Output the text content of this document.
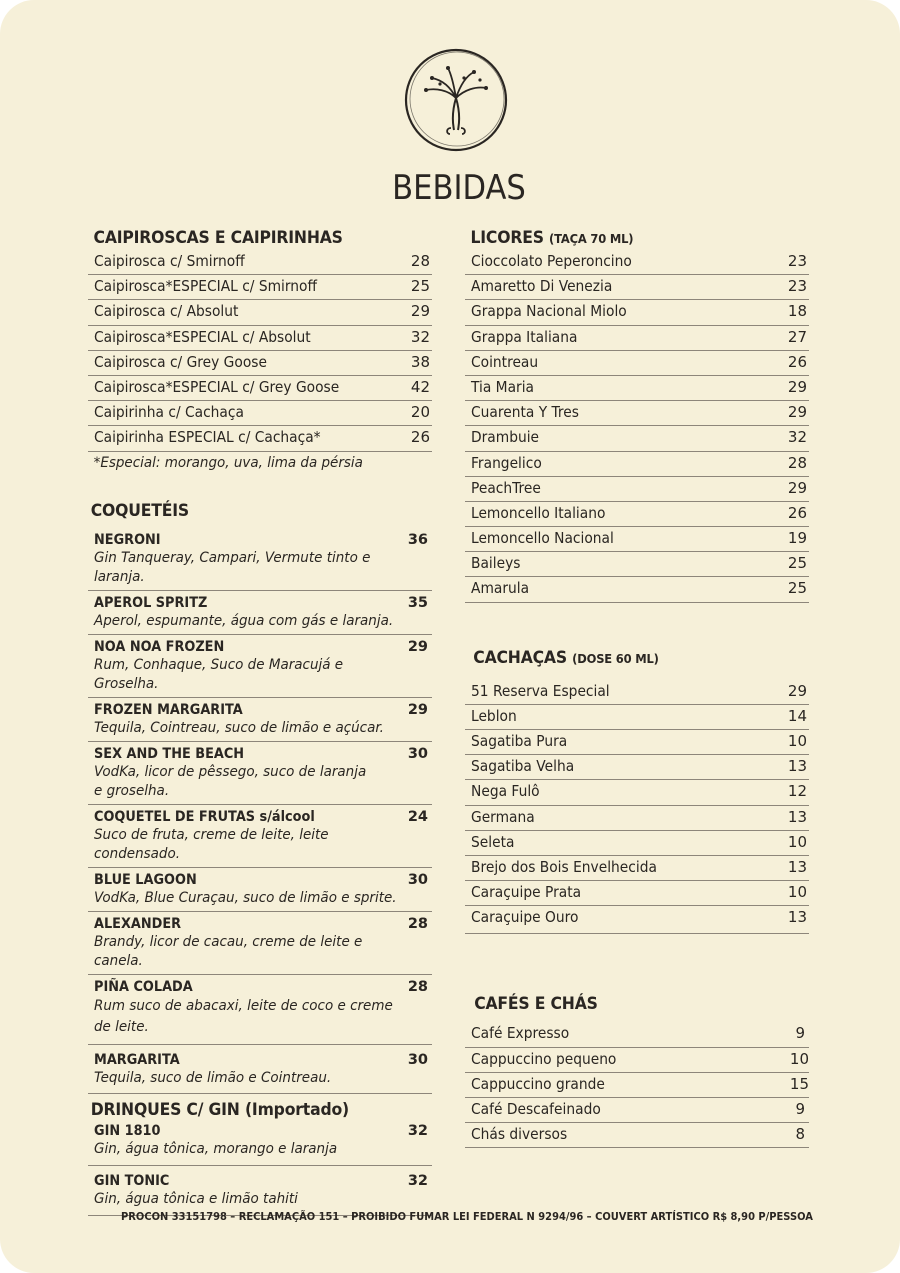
BEBIDAS
CAIPIROSCAS E CAIPIRINHAS
Caipirosca c/ Smirnoff	28
Caipirosca*ESPECIAL c/ Smirnoff	25
Caipirosca c/ Absolut	29
Caipirosca*ESPECIAL c/ Absolut	32
Caipirosca c/ Grey Goose	38
Caipirosca*ESPECIAL c/ Grey Goose	42
Caipirinha c/ Cachaça	20
Caipirinha ESPECIAL c/ Cachaça*	26
*Especial: morango, uva, lima da pérsia
COQUETÉIS
NEGRONI	36
Gin Tanqueray, Campari, Vermute tinto e laranja.
APEROL SPRITZ	35
Aperol, espumante, água com gás e laranja.
NOA NOA FROZEN	29
Rum, Conhaque, Suco de Maracujá e Groselha.
FROZEN MARGARITA	29
Tequila, Cointreau, suco de limão e açúcar.
SEX AND THE BEACH	30
VodKa, licor de pêssego, suco de laranja e groselha.
COQUETEL DE FRUTAS s/álcool	24
Suco de fruta, creme de leite, leite condensado.
BLUE LAGOON	30
VodKa, Blue Curaçau, suco de limão e sprite.
ALEXANDER	28
Brandy, licor de cacau, creme de leite e canela.
PIÑA COLADA	28
Rum suco de abacaxi, leite de coco e creme de leite.
MARGARITA	30
Tequila, suco de limão e Cointreau.
DRINQUES C/ GIN (Importado)
GIN 1810	32
Gin, água tônica, morango e laranja
GIN TONIC	32
Gin, água tônica e limão tahiti
LICORES (TAÇA 70 ML)
Cioccolato Peperoncino	23
Amaretto Di Venezia	23
Grappa Nacional Miolo	18
Grappa Italiana	27
Cointreau	26
Tia Maria	29
Cuarenta Y Tres	29
Drambuie	32
Frangelico	28
PeachTree	29
Lemoncello Italiano	26
Lemoncello Nacional	19
Baileys	25
Amarula	25
CACHAÇAS (DOSE 60 ML)
51 Reserva Especial	29
Leblon	14
Sagatiba Pura	10
Sagatiba Velha	13
Nega Fulô	12
Germana	13
Seleta	10
Brejo dos Bois Envelhecida	13
Caraçuipe Prata	10
Caraçuipe Ouro	13
CAFÉS E CHÁS
Café Expresso	9
Cappuccino pequeno	10
Cappuccino grande	15
Café Descafeinado	9
Chás diversos	8
PROCON 33151798 – RECLAMAÇÃO 151 – PROIBIDO FUMAR LEI FEDERAL N 9294/96 – COUVERT ARTÍSTICO R$ 8,90 P/PESSOA
